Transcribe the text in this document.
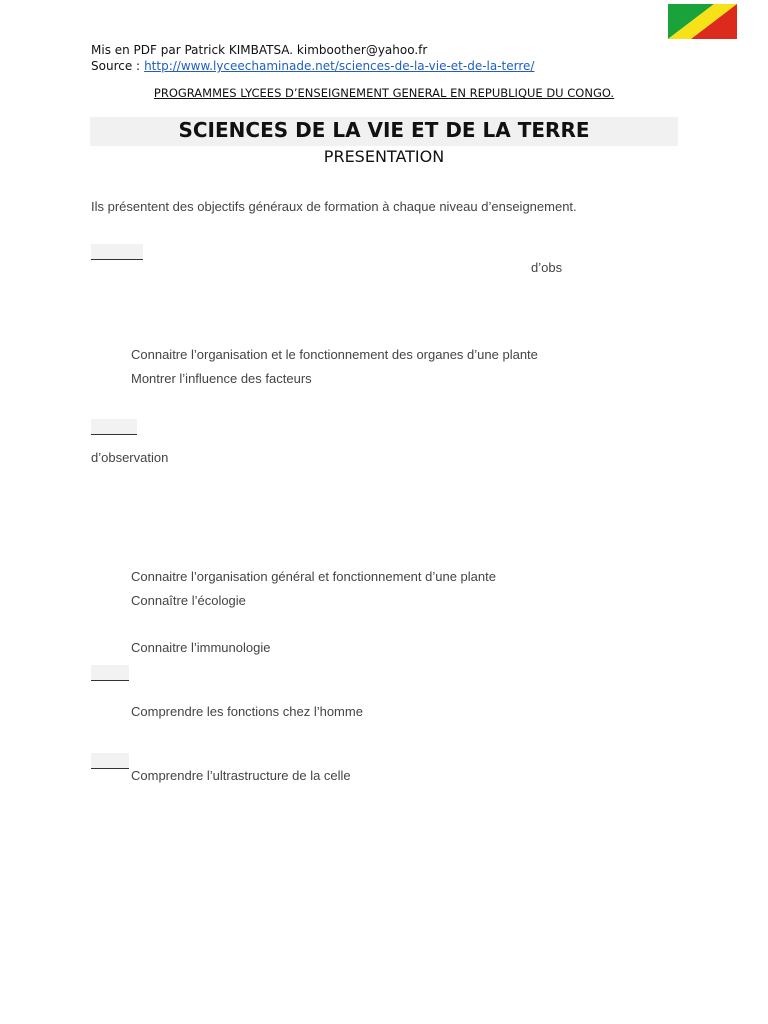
Mis en PDF par Patrick KIMBATSA. kimboother@yahoo.fr
Source : http://www.lyceechaminade.net/sciences-de-la-vie-et-de-la-terre/
PROGRAMMES LYCEES D’ENSEIGNEMENT GENERAL EN REPUBLIQUE DU CONGO.
SCIENCES DE LA VIE ET DE LA TERRE
PRESENTATION
Ils présentent des objectifs généraux de formation à chaque niveau d’enseignement.
d’obs
Connaitre l’organisation et le fonctionnement des organes d’une plante
Montrer l’influence des facteurs
d’observation
Connaitre l’organisation général et fonctionnement d’une plante
Connaître l’écologie
Connaitre l’immunologie
Comprendre les fonctions chez l’homme
Comprendre l’ultrastructure de la celle
